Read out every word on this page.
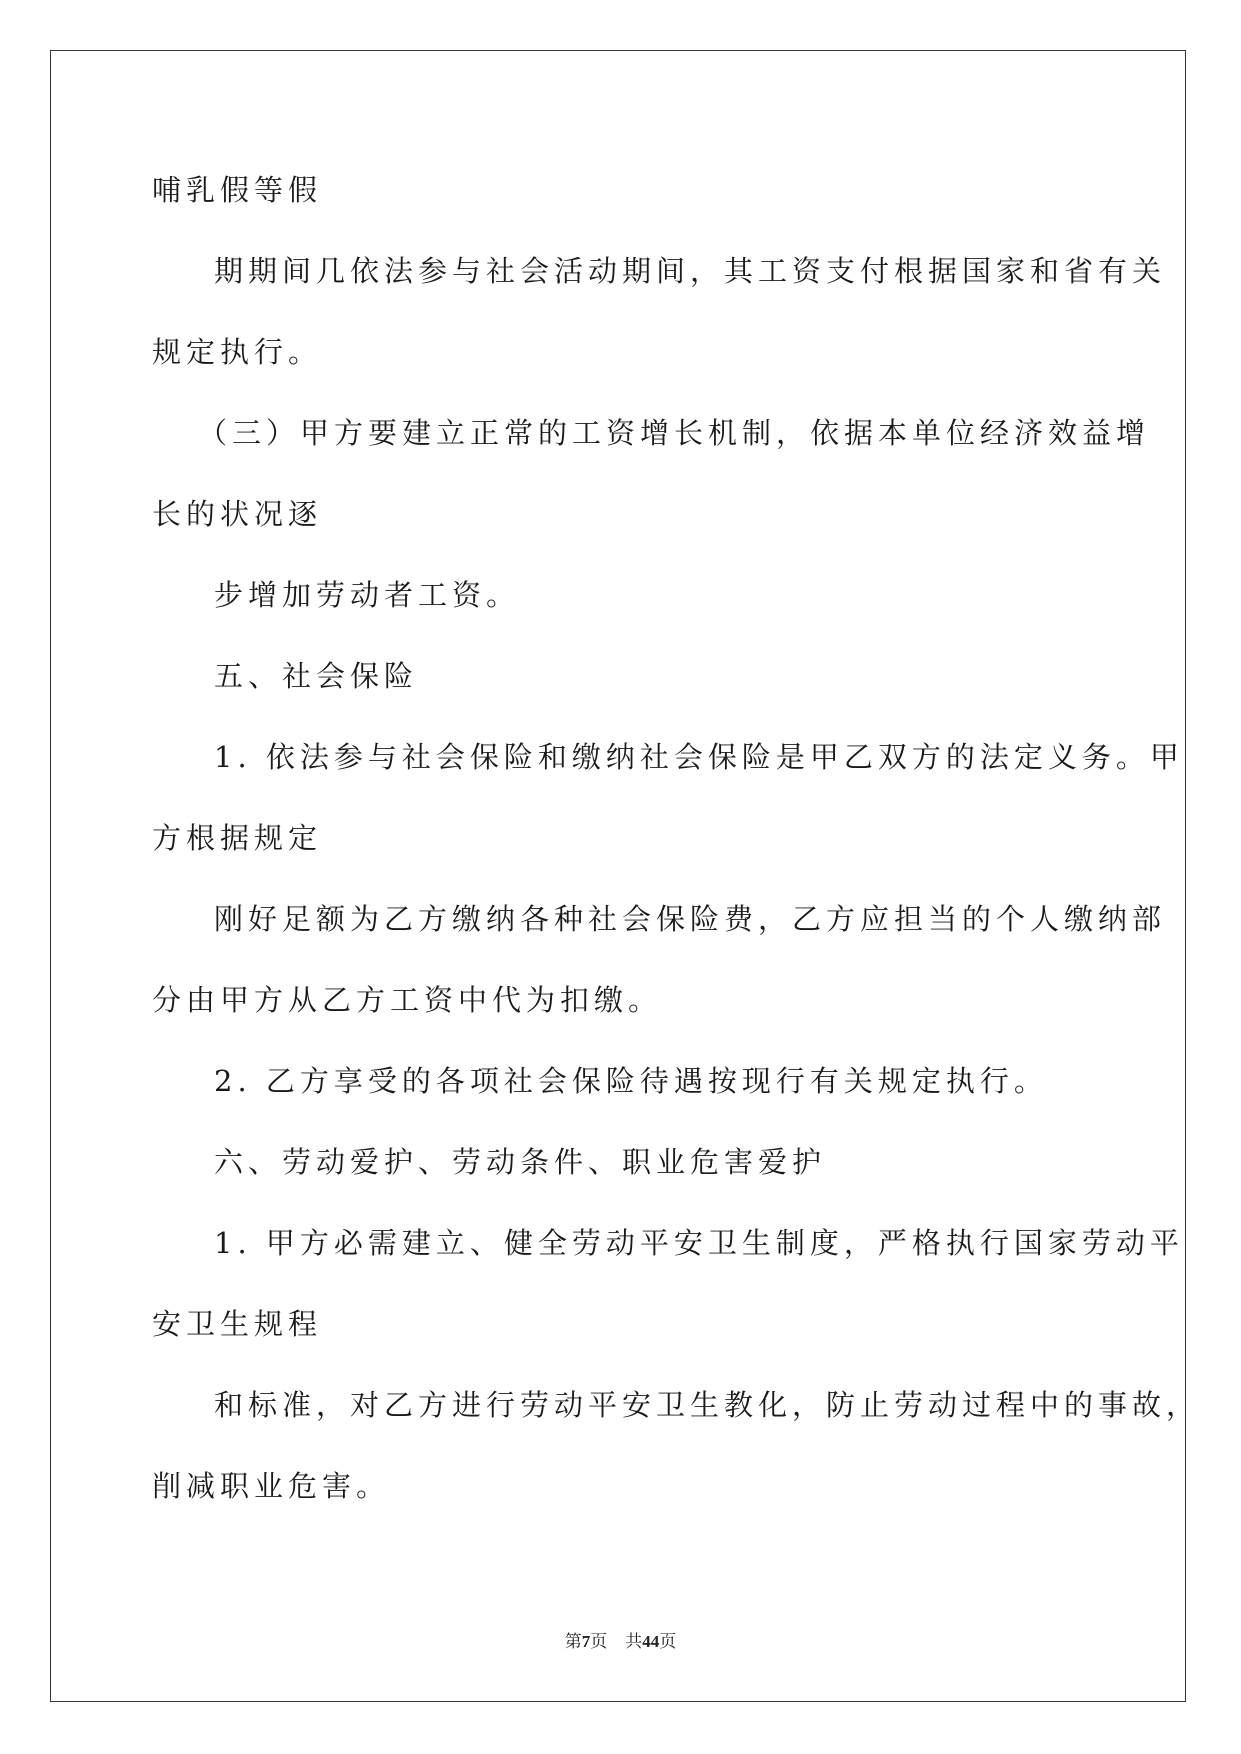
哺乳假等假
期期间几依法参与社会活动期间，其工资支付根据国家和省有关
规定执行。
（三）甲方要建立正常的工资增长机制，依据本单位经济效益增
长的状况逐
步增加劳动者工资。
五、社会保险
1. 依法参与社会保险和缴纳社会保险是甲乙双方的法定义务。甲
方根据规定
刚好足额为乙方缴纳各种社会保险费，乙方应担当的个人缴纳部
分由甲方从乙方工资中代为扣缴。
2. 乙方享受的各项社会保险待遇按现行有关规定执行。
六、劳动爱护、劳动条件、职业危害爱护
1. 甲方必需建立、健全劳动平安卫生制度，严格执行国家劳动平
安卫生规程
和标准，对乙方进行劳动平安卫生教化，防止劳动过程中的事故，
削减职业危害。
第7页 共44页
